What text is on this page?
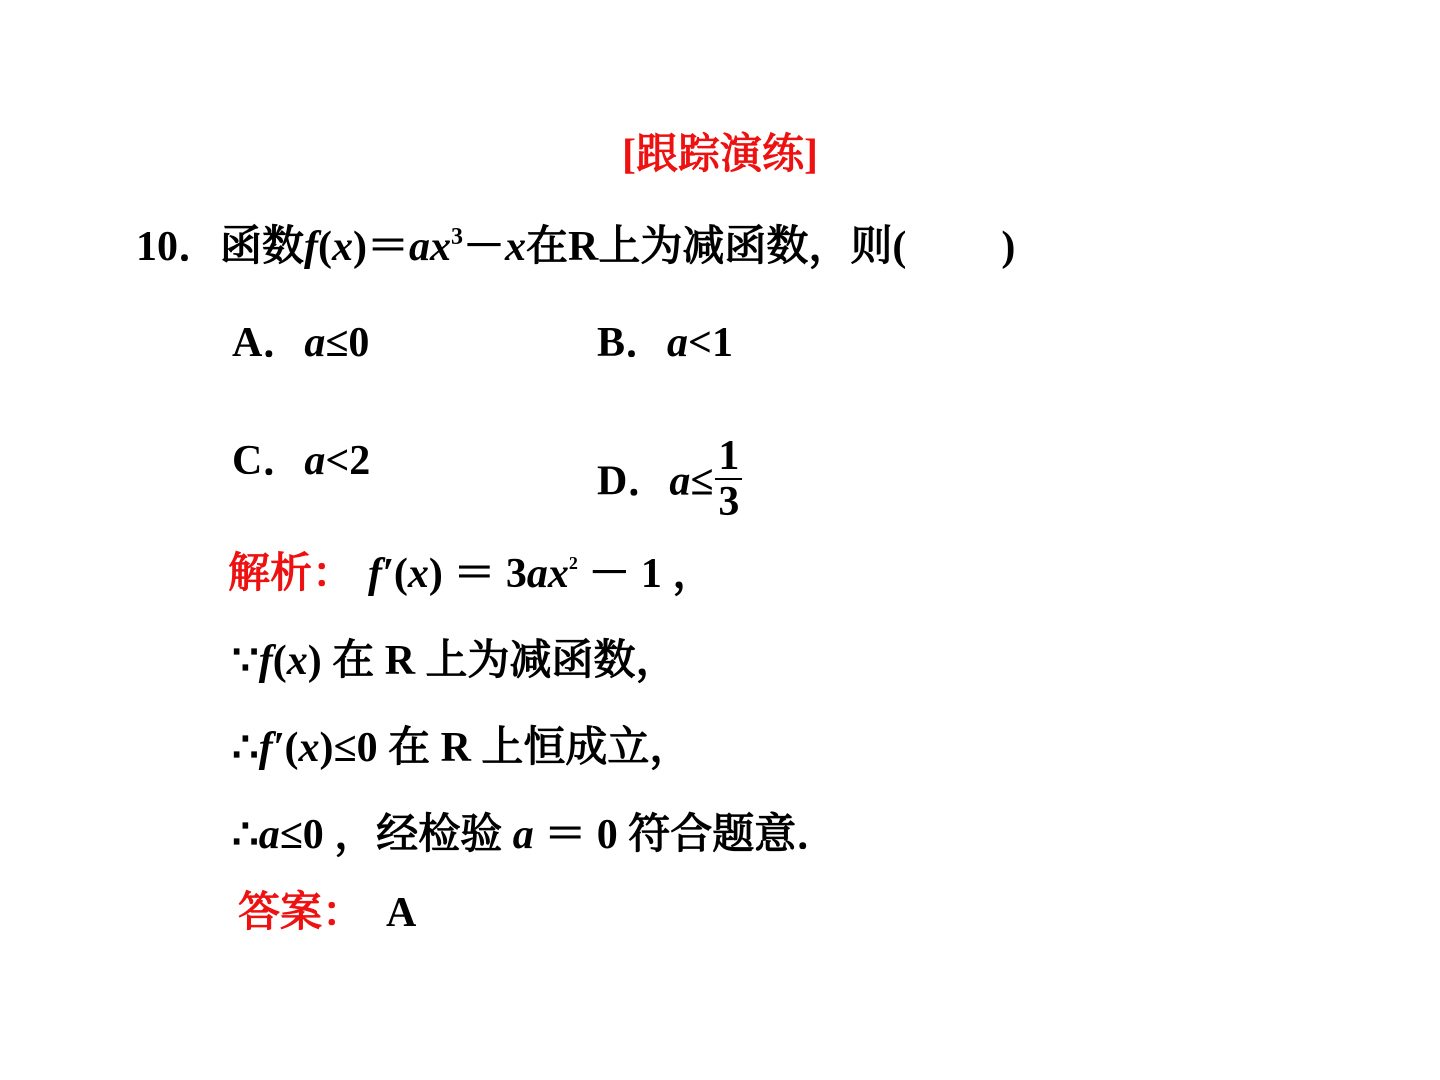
[跟踪演练]
10．函数$f(x)=ax^3-x$在R上为减函数，则( )
A．a≤0	B．a<1
C．a<2	D．$a\le \frac{1}{3}$
解析： $f'(x) = 3ax^2 - 1$ ，
∵f(x) 在 R 上为减函数，
∴f′(x)≤0 在 R 上恒成立，
∴a≤0 ，经检验 a ＝ 0 符合题意．
答案： A
